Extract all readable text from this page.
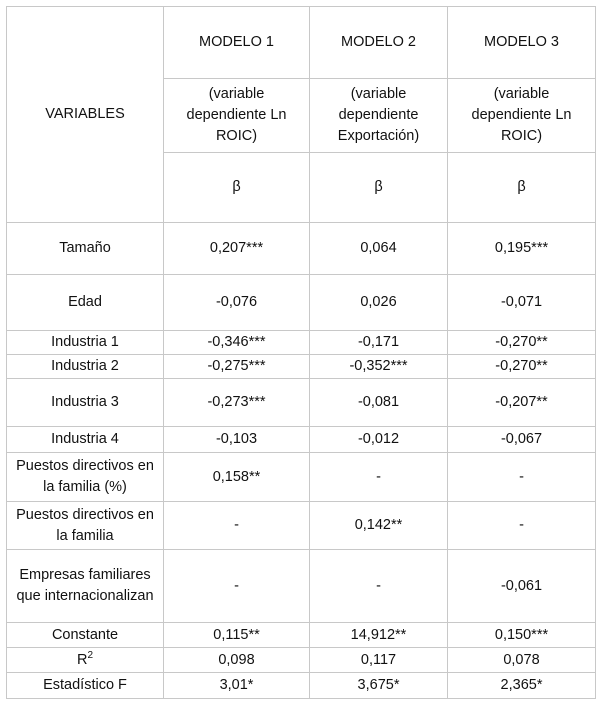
VARIABLES	MODELO 1	MODELO 2	MODELO 3
	(variable dependiente Ln ROIC)	(variable dependiente Exportación)	(variable dependiente Ln ROIC)
	β	β	β
Tamaño	0,207***	0,064	0,195***
Edad	-0,076	0,026	-0,071
Industria 1	-0,346***	-0,171	-0,270**
Industria 2	-0,275***	-0,352***	-0,270**
Industria 3	-0,273***	-0,081	-0,207**
Industria 4	-0,103	-0,012	-0,067
Puestos directivos en la familia (%)	0,158**	-	-
Puestos directivos en la familia	-	0,142**	-
Empresas familiares que internacionalizan	-	-	-0,061
Constante	0,115**	14,912**	0,150***
$R^2$	0,098	0,117	0,078
Estadístico F	3,01*	3,675*	2,365*
